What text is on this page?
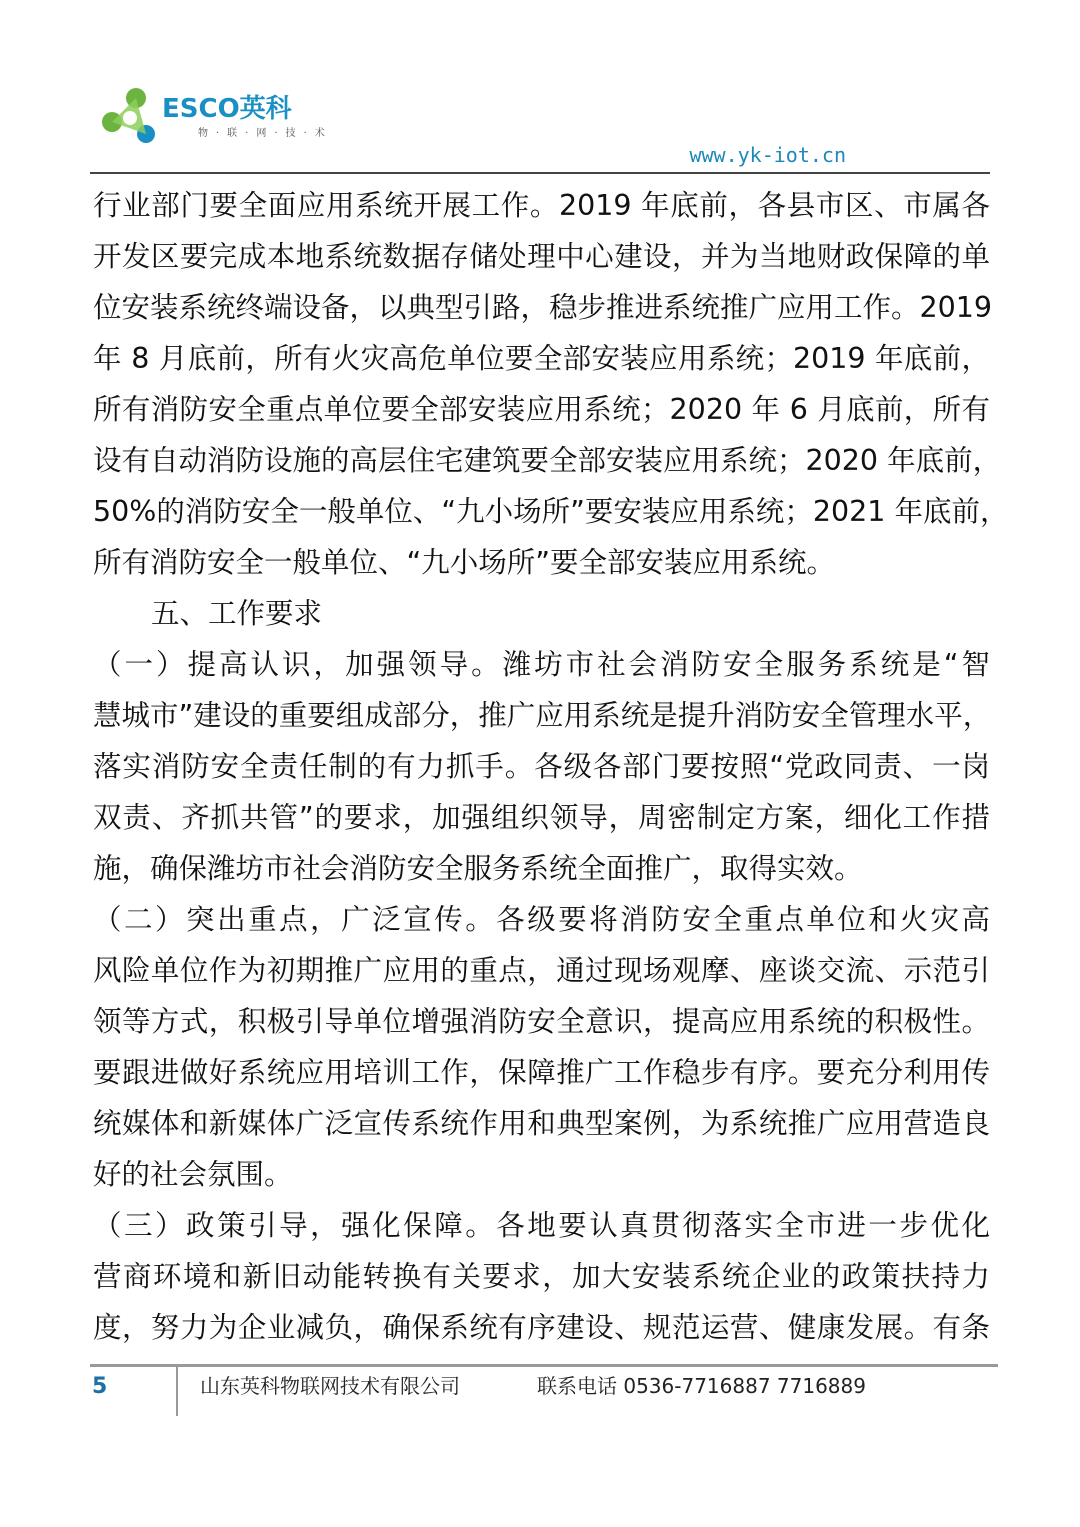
ESCO英科
物·联·网·技·术
www.yk-iot.cn

行业部门要全面应用系统开展工作。2019 年底前，各县市区、市属各
开发区要完成本地系统数据存储处理中心建设，并为当地财政保障的单
位安装系统终端设备，以典型引路，稳步推进系统推广应用工作。2019
年 8 月底前，所有火灾高危单位要全部安装应用系统；2019 年底前，
所有消防安全重点单位要全部安装应用系统；2020 年 6 月底前，所有
设有自动消防设施的高层住宅建筑要全部安装应用系统；2020 年底前，
50%的消防安全一般单位、“九小场所”要安装应用系统；2021 年底前，
所有消防安全一般单位、“九小场所”要全部安装应用系统。

五、工作要求

（一）提高认识，加强领导。潍坊市社会消防安全服务系统是“智
慧城市”建设的重要组成部分，推广应用系统是提升消防安全管理水平，
落实消防安全责任制的有力抓手。各级各部门要按照“党政同责、一岗
双责、齐抓共管”的要求，加强组织领导，周密制定方案，细化工作措
施，确保潍坊市社会消防安全服务系统全面推广，取得实效。

（二）突出重点，广泛宣传。各级要将消防安全重点单位和火灾高
风险单位作为初期推广应用的重点，通过现场观摩、座谈交流、示范引
领等方式，积极引导单位增强消防安全意识，提高应用系统的积极性。
要跟进做好系统应用培训工作，保障推广工作稳步有序。要充分利用传
统媒体和新媒体广泛宣传系统作用和典型案例，为系统推广应用营造良
好的社会氛围。

（三）政策引导，强化保障。各地要认真贯彻落实全市进一步优化
营商环境和新旧动能转换有关要求，加大安装系统企业的政策扶持力
度，努力为企业减负，确保系统有序建设、规范运营、健康发展。有条

5	山东英科物联网技术有限公司	联系电话 0536-7716887 7716889
